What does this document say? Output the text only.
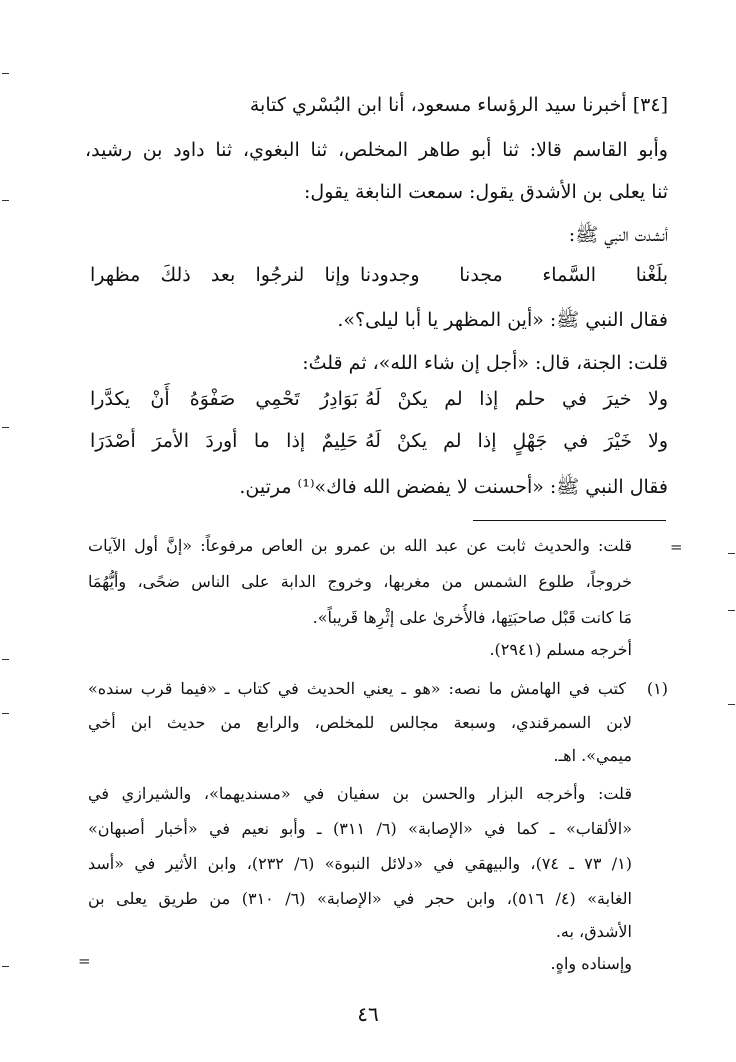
[٣٤] أخبرنا سيد الرؤساء مسعود، أنا ابن البُسْري كتابة
وأبو القاسم قالا: ثنا أبو طاهر المخلص، ثنا البغوي، ثنا داود بن رشيد،
ثنا يعلى بن الأشدق يقول: سمعت النابغة يقول:
أنشدت النبي ﷺ:
بلَغْنا السَّماء مجدنا وجدودنا
وإنا لنرجُوا بعد ذلكَ مظهرا
فقال النبي ﷺ: «أين المظهر يا أبا ليلى؟».
قلت: الجنة، قال: «أجل إن شاء الله»، ثم قلتُ:
ولا خيرَ في حلم إذا لم يكنْ لَهُ
بَوَادِرُ تَحْمِي صَفْوَهُ أَنْ يكدَّرا
ولا خَيْرَ في جَهْلٍ إذا لم يكنْ لَهُ
حَلِيمٌ إذا ما أوردَ الأمرَ أصْدَرَا
فقال النبي ﷺ: «أحسنت لا يفضض الله فاك»⁽¹⁾ مرتين.
=
=
قلت: والحديث ثابت عن عبد الله بن عمرو بن العاص مرفوعاً: «إنَّ أول الآيات
خروجاً، طلوع الشمس من مغربها، وخروج الدابة على الناس ضحًى، وأيُّهُمَا
مَا كانت قَبْل صاحبَتِها، فالأُخرىٰ على إثْرِها قَريباً».
أخرجه مسلم (٢٩٤١).
(١)
كتب في الهامش ما نصه: «هو ـ يعني الحديث في كتاب ـ «فيما قرب سنده»
لابن السمرقندي، وسبعة مجالس للمخلص، والرابع من حديث ابن أخي
ميمي». اهـ.
قلت: وأخرجه البزار والحسن بن سفيان في «مسنديهما»، والشيرازي في
«الألقاب» ـ كما في «الإصابة» (٦/ ٣١١) ـ وأبو نعيم في «أخبار أصبهان»
(١/ ٧٣ ـ ٧٤)، والبيهقي في «دلائل النبوة» (٦/ ٢٣٢)، وابن الأثير في «أسد
الغابة» (٤/ ٥١٦)، وابن حجر في «الإصابة» (٦/ ٣١٠) من طريق يعلى بن
الأشدق، به.
وإسناده واهٍ.
٤٦
